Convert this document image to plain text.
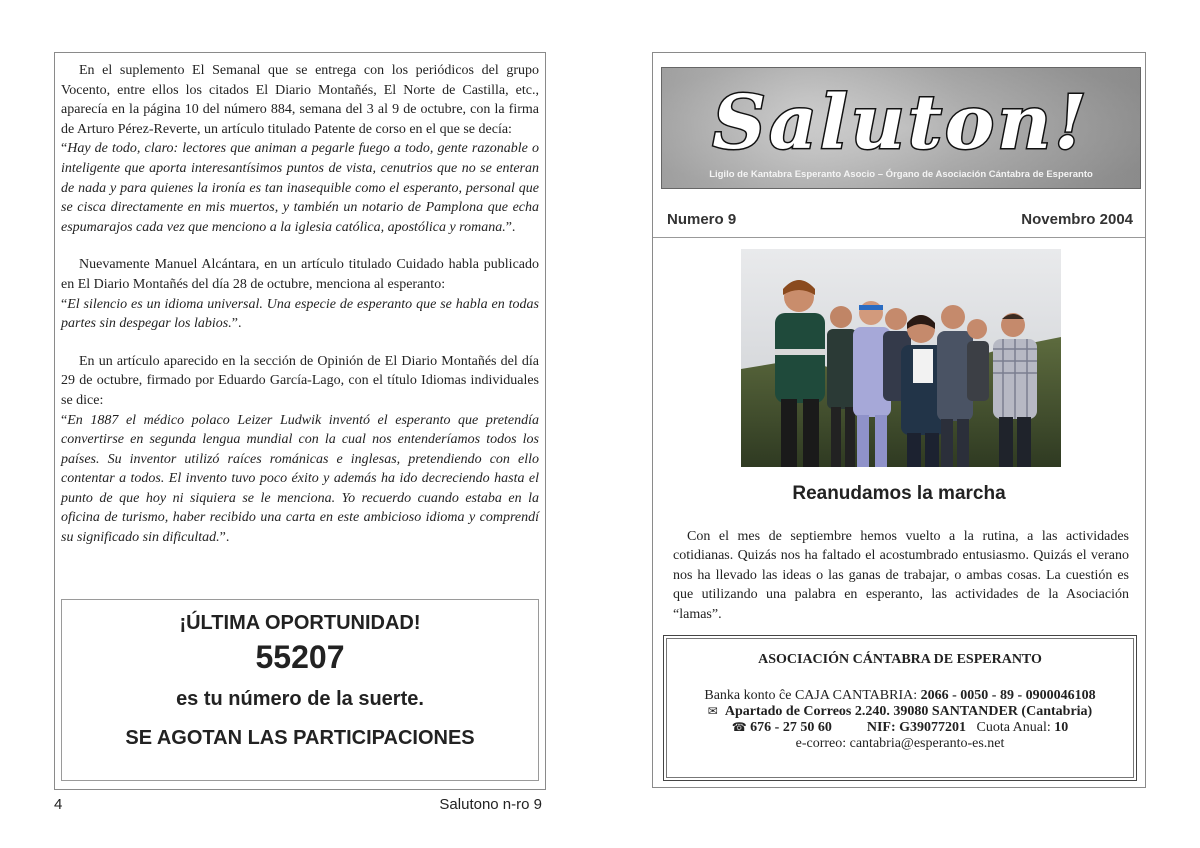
En el suplemento El Semanal que se entrega con los periódicos del grupo Vocento, entre ellos los citados El Diario Montañés, El Norte de Castilla, etc., aparecía en la página 10 del número 884, semana del 3 al 9 de octubre, con la firma de Arturo Pérez-Reverte, un artículo titulado Patente de corso en el que se decía:

“Hay de todo, claro: lectores que animan a pegarle fuego a todo, gente razonable o inteligente que aporta interesantísimos puntos de vista, cenutrios que no se enteran de nada y para quienes la ironía es tan inasequible como el esperanto, personal que se cisca directamente en mis muertos, y también un notario de Pamplona que echa espumarajos cada vez que menciono a la iglesia católica, apostólica y romana.”.

Nuevamente Manuel Alcántara, en un artículo titulado Cuidado habla publicado en El Diario Montañés del día 28 de octubre, menciona al esperanto:

“El silencio es un idioma universal. Una especie de esperanto que se habla en todas partes sin despegar los labios.”.

En un artículo aparecido en la sección de Opinión de El Diario Montañés del día 29 de octubre, firmado por Eduardo García-Lago, con el título Idiomas individuales se dice:

“En 1887 el médico polaco Leizer Ludwik inventó el esperanto que pretendía convertirse en segunda lengua mundial con la cual nos entenderíamos todos los países. Su inventor utilizó raíces románicas e inglesas, pretendiendo con ello contentar a todos. El invento tuvo poco éxito y además ha ido decreciendo hasta el punto de que hoy ni siquiera se le menciona. Yo recuerdo cuando estaba en la oficina de turismo, haber recibido una carta en este ambicioso idioma y comprendí su significado sin dificultad.”.

¡ÚLTIMA OPORTUNIDAD!
55207
es tu número de la suerte.
SE AGOTAN LAS PARTICIPACIONES
4	Salutono n-ro 9
Saluton!
Ligilo de Kantabra Esperanto Asocio – Órgano de Asociación Cántabra de Esperanto
Numero 9	Novembro 2004
Reanudamos la marcha

Con el mes de septiembre hemos vuelto a la rutina, a las actividades cotidianas. Quizás nos ha faltado el acostumbrado entusiasmo. Quizás el verano nos ha llevado las ideas o las ganas de trabajar, o ambas cosas. La cuestión es que utilizando una palabra en esperanto, las actividades de la Asociación “lamas”.

ASOCIACIÓN CÁNTABRA DE ESPERANTO
Banka konto ĉe CAJA CANTABRIA: 2066 - 0050 - 89 - 0900046108
✉ Apartado de Correos 2.240. 39080 SANTANDER (Cantabria)
☎ 676 - 27 50 60	NIF: G39077201 Cuota Anual: 10
e-correo: cantabria@esperanto-es.net
